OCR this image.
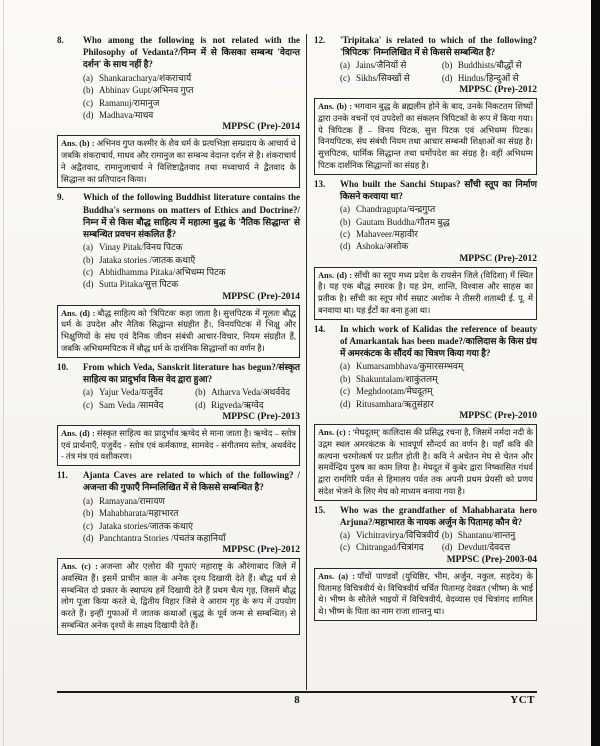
8.	Who among the following is not related with the Philosophy of Vedanta?/निम्न में से किसका सम्बन्ध 'वेदान्त दर्शन' के साथ नहीं है?
(a) Shankaracharya/शंकराचार्य
(b) Abhinav Gupt/अभिनव गुप्त
(c) Ramanuj/रामानुज
(d) Madhava/माधव
MPPSC (Pre)-2014
Ans. (b) : अभिनव गुप्त कश्मीर के शैव धर्म के प्रत्यभिज्ञा सम्प्रदाय के आचार्य थे जबकि शंकराचार्य, माधव और रामानुज का सम्बन्ध वेदान्त दर्शन से है। शंकराचार्य ने अद्वैतवाद, रामानुजाचार्य ने विशिष्टाद्वैतवाद तथा मध्वाचार्य ने द्वैतवाद के सिद्धान्त का प्रतिपादन किया।
9.	Which of the following Buddhist literature contains the Buddha's sermons on matters of Ethics and Doctrine?/निम्न में से किस बौद्ध साहित्य में महात्मा बुद्ध के 'नैतिक सिद्धान्त' से सम्बन्धित प्रवचन संकलित हैं?
(a) Vinay Pitak/विनय पिटक
(b) Jataka stories /जातक कथाएँ
(c) Abhidhamma Pitaka/अभिधम्म पिटक
(d) Sutta Pitaka/सुत्त पिटक
MPPSC (Pre)-2014
Ans. (d) : बौद्ध साहित्य को 'त्रिपिटक' कहा जाता है। सुत्तपिटक में मूलतः बौद्ध धर्म के उपदेश और नैतिक सिद्धान्त संग्रहीत हैं।, विनयपिटक में भिक्षु और भिक्षुणियों के संघ एवं दैनिक जीवन संबंधी आचार-विचार, नियम संग्रहीत हैं, जबकि अभिधम्मपिटक में बौद्ध धर्म के दार्शनिक सिद्धान्तों का वर्णन है।
10.	From which Veda, Sanskrit literature has begun?/संस्कृत साहित्य का प्रादुर्भाव किस वेद द्वारा हुआ?
(a) Yajur Veda/यजुर्वेद	(b) Atharva Veda/अथर्ववेद
(c) Sam Veda /सामवेद	(d) Rigveda/ऋग्वेद
MPPSC (Pre)-2013
Ans. (d) : संस्कृत साहित्य का प्रादुर्भाव ऋग्वेद से माना जाता है। ऋग्वेद – स्तोत्र एवं प्रार्थनाएँ, यजुर्वेद - स्तोत्र एवं कर्मकाण्ड, सामवेद - संगीतमय स्तोत्र, अथर्ववेद - तंत्र मंत्र एवं वशीकरण।
11.	Ajanta Caves are related to which of the following? /अजन्ता की गुफाएँ निम्नलिखित में से किससे सम्बन्धित है?
(a) Ramayana/रामायण
(b) Mahabharata/महाभारत
(c) Jataka stories/जातक कथाएं
(d) Panchtantra Stories /पंचतंत्र कहानियाँ
MPPSC (Pre)-2012
Ans. (c) : अजन्ता और एलोरा की गुफाएं महाराष्ट्र के औरंगाबाद जिले में अवस्थित हैं। इसमें प्राचीन काल के अनेक दृश्य दिखायी देते हैं। बौद्ध धर्म से सम्बन्धित दो प्रकार के स्थापत्य हमें दिखायी देते हैं प्रथम चैत्य गृह, जिसमें बौद्ध लोग पूजा किया करते थे, द्वितीय विहार जिसे वे आराम गृह के रूप में उपयोग करते हैं। इन्हीं गुफाओं में जातक कथाओं (बुद्ध के पूर्व जन्म से सम्बन्धित) से सम्बन्धित अनेक दृश्यों के साक्ष्य दिखायी देते हैं।
12.	'Tripitaka' is related to which of the following? 'त्रिपिटक' निम्नलिखित में से किससे सम्बन्धित है?
(a) Jains/जैनियों से	(b) Buddhists/बौद्धों से
(c) Sikhs/सिक्खों से	(d) Hindus/हिन्दुओं से
MPPSC (Pre)-2012
Ans. (b) : भगवान बुद्ध के ब्रह्मलीन होने के बाद, उनके निकटतम शिष्यों द्वारा उनके वचनों एवं उपदेशों का संकलन त्रिपिटकों के रूप में किया गया। ये त्रिपिटक हैं – विनय पिटक, सुत्त पिटक एवं अभिधम्म पिटक। विनयपिटक, संघ संबंधी नियम तथा आचार सम्बन्धी शिक्षाओं का संग्रह है। सुत्तपिटक, धार्मिक सिद्धान्त तथा धर्मोपदेश का संग्रह है। वहीं अभिधम्म पिटक दार्शनिक सिद्धान्तों का संग्रह है।
13.	Who built the Sanchi Stupas? साँची स्तूप का निर्माण किसने करवाया था?
(a) Chandragupta/चन्द्रगुप्त
(b) Gautam Buddha/गौतम बुद्ध
(c) Mahaveer/महावीर
(d) Ashoka/अशोक
MPPSC (Pre)-2012
Ans. (d) : साँची का स्तूप मध्य प्रदेश के रायसेन जिले (विदिशा) में स्थित है। यह एक बौद्ध स्मारक है। यह प्रेम, शान्ति, विश्वास और साहस का प्रतीक है। साँची का स्तूप मौर्य सम्राट अशोक ने तीसरी शताब्दी ई. पू. में बनवाया था। यह ईंटों का बना हुआ था।
14.	In which work of Kalidas the reference of beauty of Amarkantak has been made?/कालिदास के किस ग्रंथ में अमरकंटक के सौंदर्य का चित्रण किया गया है?
(a) Kumarsambhava/कुमारसम्भवम्
(b) Shakuntalam/शाकुंतलम्
(c) Meghdootam/मेघदूतम्
(d) Ritusamhara/ऋतुसंहार
MPPSC (Pre)-2010
Ans. (c) : 'मेघदूतम्' कालिदास की प्रसिद्ध रचना है, जिसमें नर्मदा नदी के उद्गम स्थल अमरकंटक के भावपूर्ण सौन्दर्य का वर्णन है। यहाँ कवि की कल्पना चरमोत्कर्ष पर प्रतीत होती है। कवि ने अचेतन मेघ से चेतन और समर्वेन्द्रिय पुरुष का काम लिया है। मेघदूत में कुबेर द्वारा निष्कासित गंधर्व द्वारा रामगिरि पर्वत से हिमालय पर्वत तक अपनी प्रथम प्रेयसी को प्रणय संदेश भेजने के लिए मेघ को माध्यम बनाया गया है।
15.	Who was the grandfather of Mahabharata hero Arjuna?/महाभारत के नायक अर्जुन के पितामह कौन थे?
(a) Vichitravirya/विचित्रवीर्य (b) Shantanu/शान्तनु
(c) Chitrangad/चित्रांगद	(d) Devdutt/देवदत्त
MPPSC (Pre)-2003-04
Ans. (a) : पाँचों पाण्डवों (युधिष्ठिर, भीम, अर्जुन, नकुल, सहदेव) के पितामह विचित्रवीर्य थे। विचित्रवीर्य चर्चित पितामह देवव्रत (भीष्म) के भाई थे। भीष्म के सौतेले भाइयों में विचित्रवीर्य, वेदव्यास एवं चित्रांगद शामिल थे। भीष्म के पिता का नाम राजा शान्तनु था।
8	YCT
